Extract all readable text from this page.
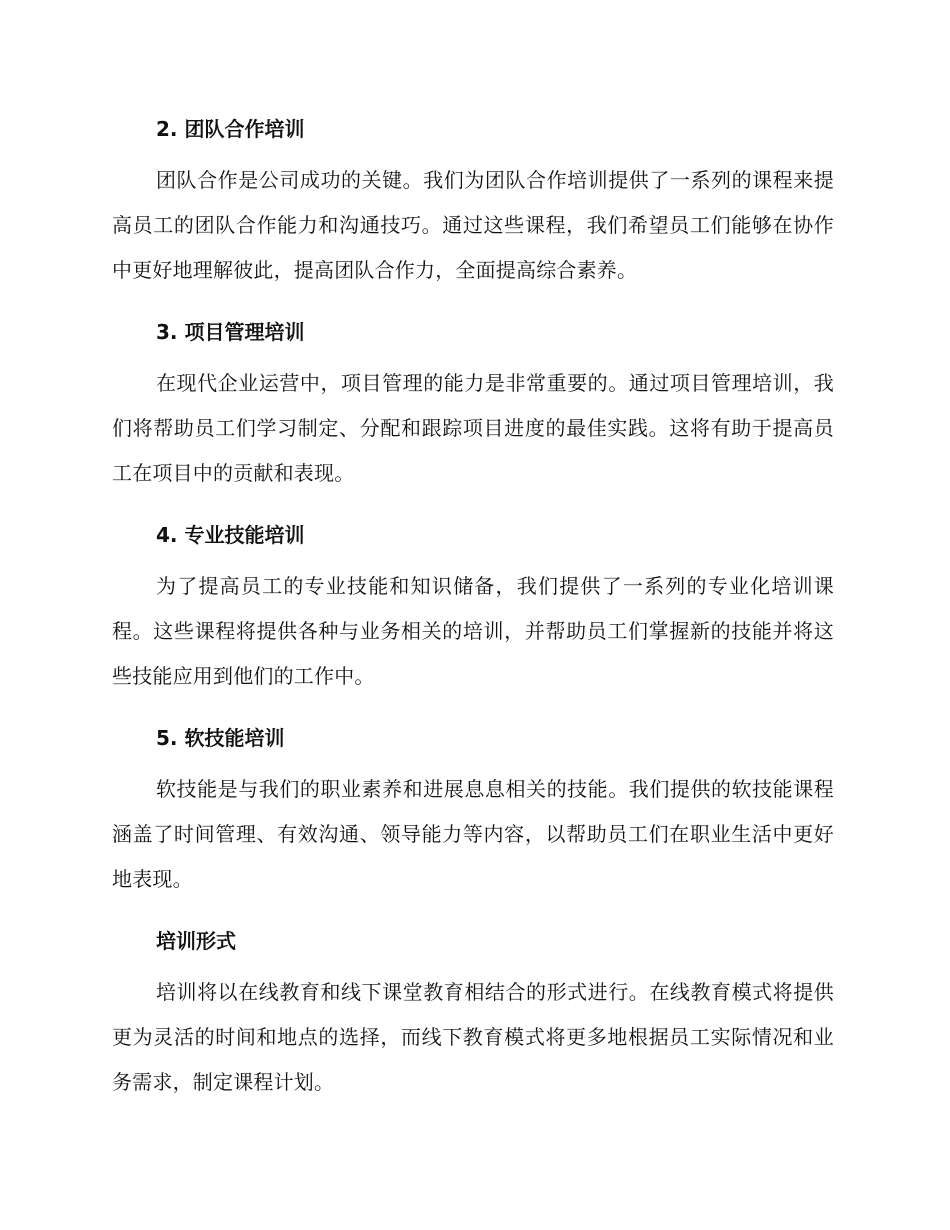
2. 团队合作培训

团队合作是公司成功的关键。我们为团队合作培训提供了一系列的课程来提高员工的团队合作能力和沟通技巧。通过这些课程，我们希望员工们能够在协作中更好地理解彼此，提高团队合作力，全面提高综合素养。

3. 项目管理培训

在现代企业运营中，项目管理的能力是非常重要的。通过项目管理培训，我们将帮助员工们学习制定、分配和跟踪项目进度的最佳实践。这将有助于提高员工在项目中的贡献和表现。

4. 专业技能培训

为了提高员工的专业技能和知识储备，我们提供了一系列的专业化培训课程。这些课程将提供各种与业务相关的培训，并帮助员工们掌握新的技能并将这些技能应用到他们的工作中。

5. 软技能培训

软技能是与我们的职业素养和进展息息相关的技能。我们提供的软技能课程涵盖了时间管理、有效沟通、领导能力等内容，以帮助员工们在职业生活中更好地表现。

培训形式

培训将以在线教育和线下课堂教育相结合的形式进行。在线教育模式将提供更为灵活的时间和地点的选择，而线下教育模式将更多地根据员工实际情况和业务需求，制定课程计划。
